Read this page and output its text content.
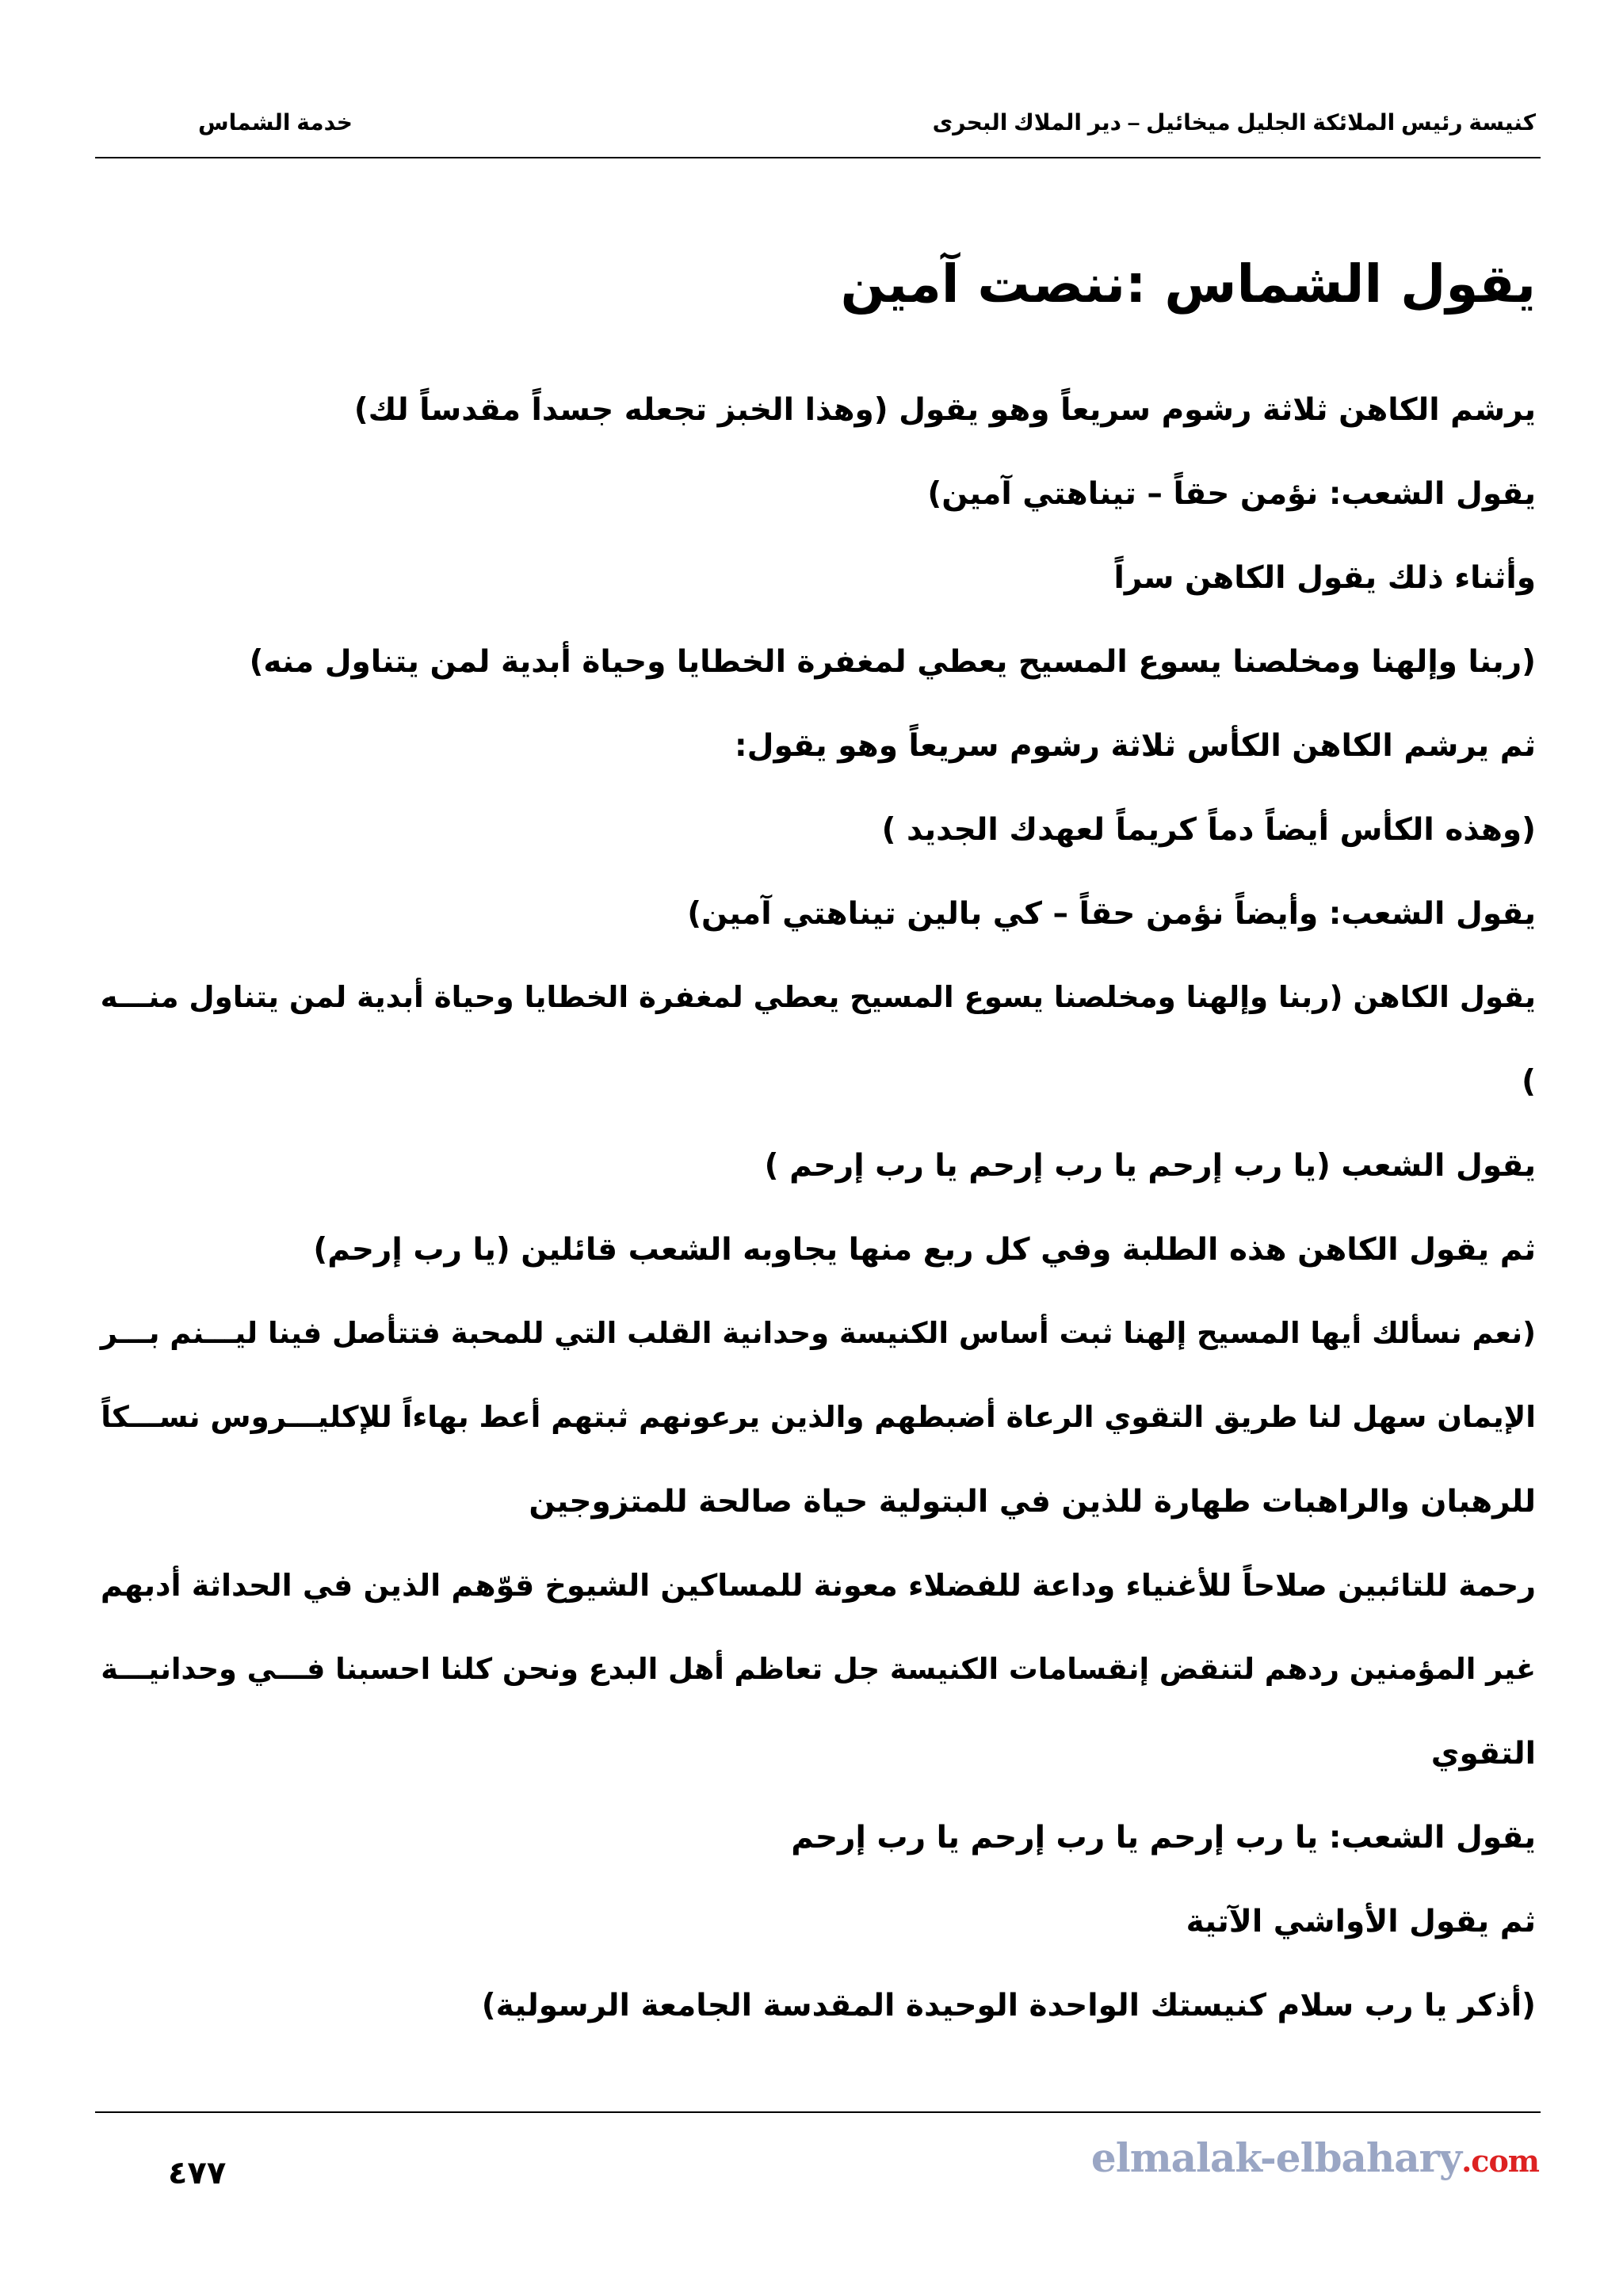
كنيسة رئيس الملائكة الجليل ميخائيل – دير الملاك البحرى
خدمة الشماس
يقول الشماس :ننصت آمين
يرشم الكاهن ثلاثة رشوم سريعاً وهو يقول (وهذا الخبز تجعله جسداً مقدساً لك)
يقول الشعب: نؤمن حقاً – تيناهتي آمين)
وأثناء ذلك يقول الكاهن سراً
(ربنا وإلهنا ومخلصنا يسوع المسيح يعطي لمغفرة الخطايا وحياة أبدية لمن يتناول منه)
ثم يرشم الكاهن الكأس ثلاثة رشوم سريعاً وهو يقول:
(وهذه الكأس أيضاً دماً كريماً لعهدك الجديد )
يقول الشعب: وأيضاً نؤمن حقاً – كي بالين تيناهتي آمين)
يقول الكاهن (ربنا وإلهنا ومخلصنا يسوع المسيح يعطي لمغفرة الخطايا وحياة أبدية لمن يتناول منـــه
)
يقول الشعب (يا رب إرحم يا رب إرحم يا رب إرحم )
ثم يقول الكاهن هذه الطلبة وفي كل ربع منها يجاوبه الشعب قائلين (يا رب إرحم)
(نعم نسألك أيها المسيح إلهنا ثبت أساس الكنيسة وحدانية القلب التي للمحبة فتتأصل فينا ليـــنم بـــر
الإيمان سهل لنا طريق التقوي الرعاة أضبطهم والذين يرعونهم ثبتهم أعط بهاءاً للإكليـــروس نســـكاً
للرهبان والراهبات طهارة للذين في البتولية حياة صالحة للمتزوجين
رحمة للتائبين صلاحاً للأغنياء وداعة للفضلاء معونة للمساكين الشيوخ قوّهم الذين في الحداثة أدبهم
غير المؤمنين ردهم لتنقض إنقسامات الكنيسة جل تعاظم أهل البدع ونحن كلنا احسبنا فـــي وحدانيـــة
التقوي
يقول الشعب: يا رب إرحم يا رب إرحم يا رب إرحم
ثم يقول الأواشي الآتية
(أذكر يا رب سلام كنيستك الواحدة الوحيدة المقدسة الجامعة الرسولية)
٤٧٧	elmalak-elbahary.com
